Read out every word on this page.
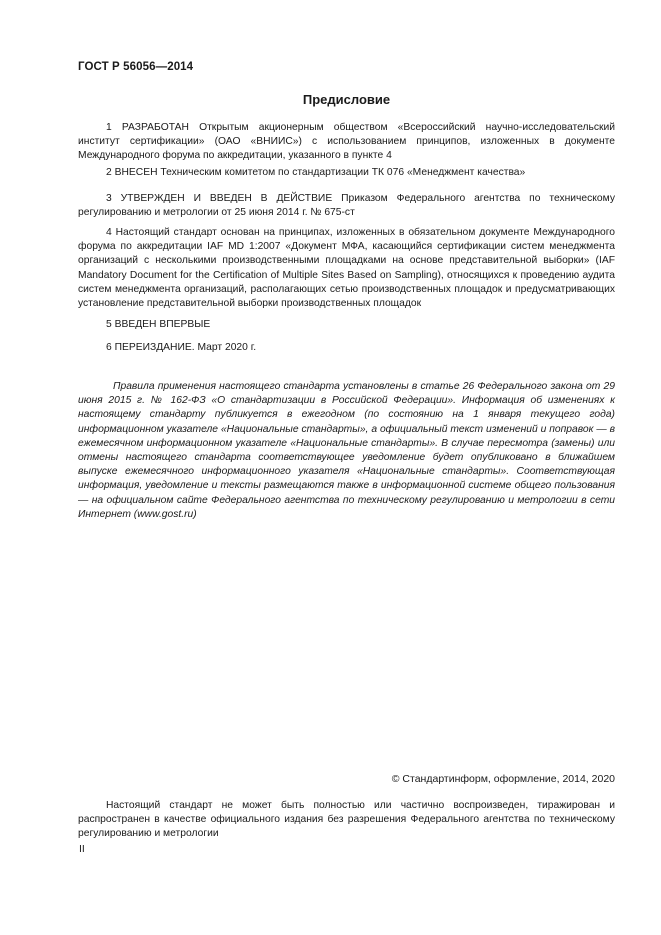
ГОСТ Р 56056—2014
Предисловие

1 РАЗРАБОТАН Открытым акционерным обществом «Всероссийский научно-исследовательский институт сертификации» (ОАО «ВНИИС») с использованием принципов, изложенных в документе Международного форума по аккредитации, указанного в пункте 4

2 ВНЕСЕН Техническим комитетом по стандартизации ТК 076 «Менеджмент качества»

3 УТВЕРЖДЕН И ВВЕДЕН В ДЕЙСТВИЕ Приказом Федерального агентства по техническому регулированию и метрологии от 25 июня 2014 г. № 675-ст

4 Настоящий стандарт основан на принципах, изложенных в обязательном документе Международного форума по аккредитации IAF MD 1:2007 «Документ МФА, касающийся сертификации систем менеджмента организаций с несколькими производственными площадками на основе представительной выборки» (IAF Mandatory Document for the Certification of Multiple Sites Based on Sampling), относящихся к проведению аудита систем менеджмента организаций, располагающих сетью производственных площадок и предусматривающих установление представительной выборки производственных площадок

5 ВВЕДЕН ВПЕРВЫЕ

6 ПЕРЕИЗДАНИЕ. Март 2020 г.

Правила применения настоящего стандарта установлены в статье 26 Федерального закона от 29 июня 2015 г. № 162-ФЗ «О стандартизации в Российской Федерации». Информация об изменениях к настоящему стандарту публикуется в ежегодном (по состоянию на 1 января текущего года) информационном указателе «Национальные стандарты», а официальный текст изменений и поправок — в ежемесячном информационном указателе «Национальные стандарты». В случае пересмотра (замены) или отмены настоящего стандарта соответствующее уведомление будет опубликовано в ближайшем выпуске ежемесячного информационного указателя «Национальные стандарты». Соответствующая информация, уведомление и тексты размещаются также в информационной системе общего пользования — на официальном сайте Федерального агентства по техническому регулированию и метрологии в сети Интернет (www.gost.ru)

© Стандартинформ, оформление, 2014, 2020

Настоящий стандарт не может быть полностью или частично воспроизведен, тиражирован и распространен в качестве официального издания без разрешения Федерального агентства по техническому регулированию и метрологии

II
